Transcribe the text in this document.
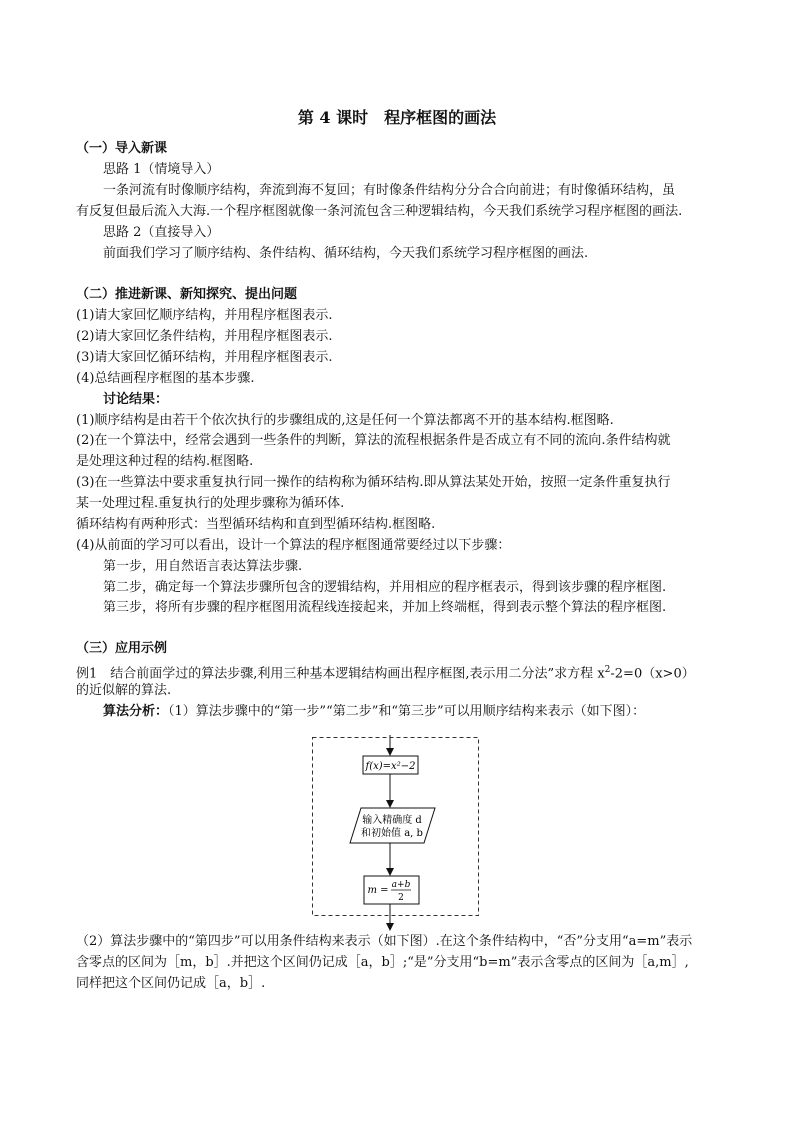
第 4 课时　程序框图的画法
（一）导入新课
思路 1（情境导入）
一条河流有时像顺序结构，奔流到海不复回；有时像条件结构分分合合向前进；有时像循环结构，虽
有反复但最后流入大海.一个程序框图就像一条河流包含三种逻辑结构，今天我们系统学习程序框图的画法.
思路 2（直接导入）
前面我们学习了顺序结构、条件结构、循环结构，今天我们系统学习程序框图的画法.
（二）推进新课、新知探究、提出问题
(1)请大家回忆顺序结构，并用程序框图表示.
(2)请大家回忆条件结构，并用程序框图表示.
(3)请大家回忆循环结构，并用程序框图表示.
(4)总结画程序框图的基本步骤.
讨论结果：
(1)顺序结构是由若干个依次执行的步骤组成的,这是任何一个算法都离不开的基本结构.框图略.
(2)在一个算法中，经常会遇到一些条件的判断，算法的流程根据条件是否成立有不同的流向.条件结构就
是处理这种过程的结构.框图略.
(3)在一些算法中要求重复执行同一操作的结构称为循环结构.即从算法某处开始，按照一定条件重复执行
某一处理过程.重复执行的处理步骤称为循环体.
循环结构有两种形式：当型循环结构和直到型循环结构.框图略.
(4)从前面的学习可以看出，设计一个算法的程序框图通常要经过以下步骤：
第一步，用自然语言表达算法步骤.
第二步，确定每一个算法步骤所包含的逻辑结构，并用相应的程序框表示，得到该步骤的程序框图.
第三步，将所有步骤的程序框图用流程线连接起来，并加上终端框，得到表示整个算法的程序框图.
（三）应用示例
例1　结合前面学过的算法步骤,利用三种基本逻辑结构画出程序框图,表示用二分法”求方程 $x^2-2=0(x>0)$
的近似解的算法.
算法分析：（1）算法步骤中的“第一步”“第二步”和“第三步”可以用顺序结构来表示（如下图）：
f(x)=x²−2
输入精确度 d
和初始值 a, b
m = a+b
2
（2）算法步骤中的“第四步”可以用条件结构来表示（如下图）.在这个条件结构中，“否”分支用“a=m”表示
含零点的区间为［m，b］.并把这个区间仍记成［a，b］;“是”分支用“b=m”表示含零点的区间为［a,m］,
同样把这个区间仍记成［a，b］.
